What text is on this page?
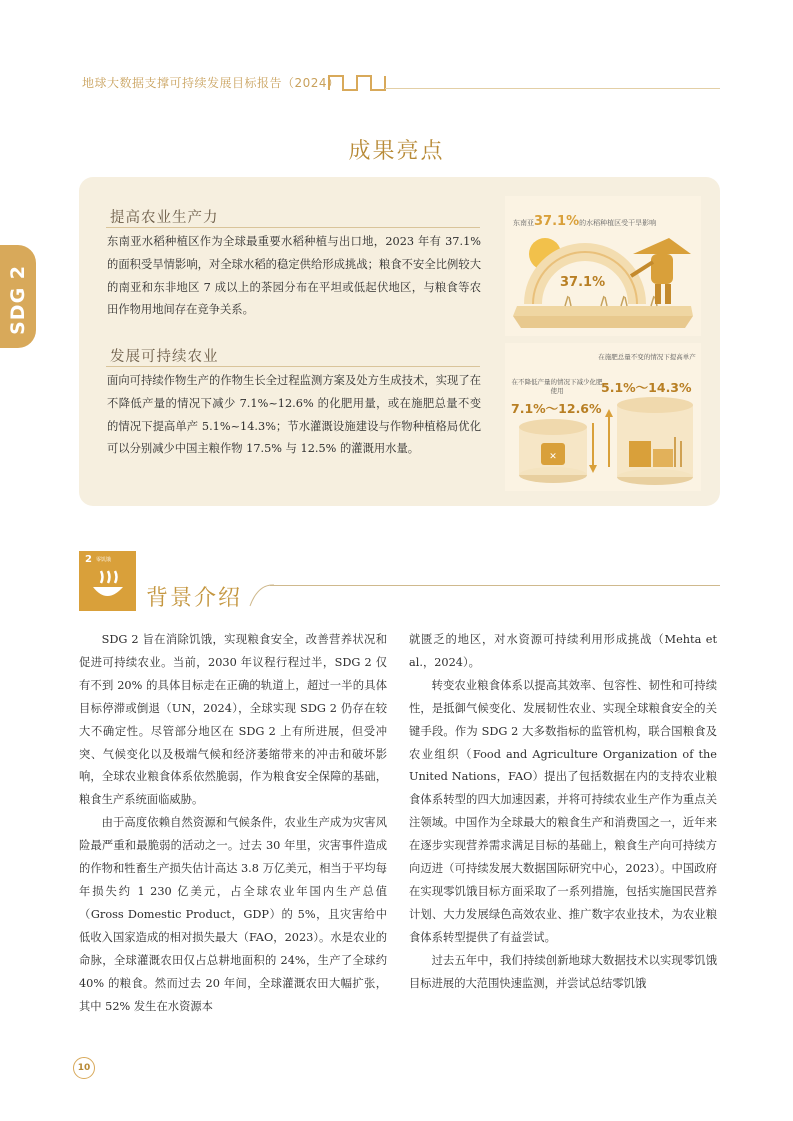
地球大数据支撑可持续发展目标报告（2024）
SDG 2
成果亮点
提高农业生产力
东南亚水稻种植区作为全球最重要水稻种植与出口地，2023 年有 37.1% 的面积受旱情影响，对全球水稻的稳定供给形成挑战；粮食不安全比例较大的南亚和东非地区 7 成以上的茶园分布在平坦或低起伏地区，与粮食等农田作物用地间存在竞争关系。
发展可持续农业
面向可持续作物生产的作物生长全过程监测方案及处方生成技术，实现了在不降低产量的情况下减少 7.1%~12.6% 的化肥用量，或在施肥总量不变的情况下提高单产 5.1%~14.3%；节水灌溉设施建设与作物种植格局优化可以分别减少中国主粮作物 17.5% 与 12.5% 的灌溉用水量。
东南亚37.1%的水稻种植区受干旱影响
37.1%
✕
在不降低产量的情况下减少化肥使用
7.1%～12.6%
在施肥总量不变的情况下提高单产
5.1%～14.3%
2 零饥饿
背景介绍

SDG 2 旨在消除饥饿，实现粮食安全，改善营养状况和促进可持续农业。当前，2030 年议程行程过半，SDG 2 仅有不到 20% 的具体目标走在正确的轨道上，超过一半的具体目标停滞或倒退（UN，2024），全球实现 SDG 2 仍存在较大不确定性。尽管部分地区在 SDG 2 上有所进展，但受冲突、气候变化以及极端气候和经济萎缩带来的冲击和破坏影响，全球农业粮食体系依然脆弱，作为粮食安全保障的基础，粮食生产系统面临威胁。

由于高度依赖自然资源和气候条件，农业生产成为灾害风险最严重和最脆弱的活动之一。过去 30 年里，灾害事件造成的作物和牲畜生产损失估计高达 3.8 万亿美元，相当于平均每年损失约 1 230 亿美元，占全球农业年国内生产总值（Gross Domestic Product，GDP）的 5%，且灾害给中低收入国家造成的相对损失最大（FAO，2023）。水是农业的命脉，全球灌溉农田仅占总耕地面积的 24%，生产了全球约 40% 的粮食。然而过去 20 年间，全球灌溉农田大幅扩张，其中 52% 发生在水资源本

就匮乏的地区，对水资源可持续利用形成挑战（Mehta et al.，2024）。

转变农业粮食体系以提高其效率、包容性、韧性和可持续性，是抵御气候变化、发展韧性农业、实现全球粮食安全的关键手段。作为 SDG 2 大多数指标的监管机构，联合国粮食及农业组织（Food and Agriculture Organization of the United Nations，FAO）提出了包括数据在内的支持农业粮食体系转型的四大加速因素，并将可持续农业生产作为重点关注领域。中国作为全球最大的粮食生产和消费国之一，近年来在逐步实现营养需求满足目标的基础上，粮食生产向可持续方向迈进（可持续发展大数据国际研究中心，2023）。中国政府在实现零饥饿目标方面采取了一系列措施，包括实施国民营养计划、大力发展绿色高效农业、推广数字农业技术，为农业粮食体系转型提供了有益尝试。

过去五年中，我们持续创新地球大数据技术以实现零饥饿目标进展的大范围快速监测，并尝试总结零饥饿

10
